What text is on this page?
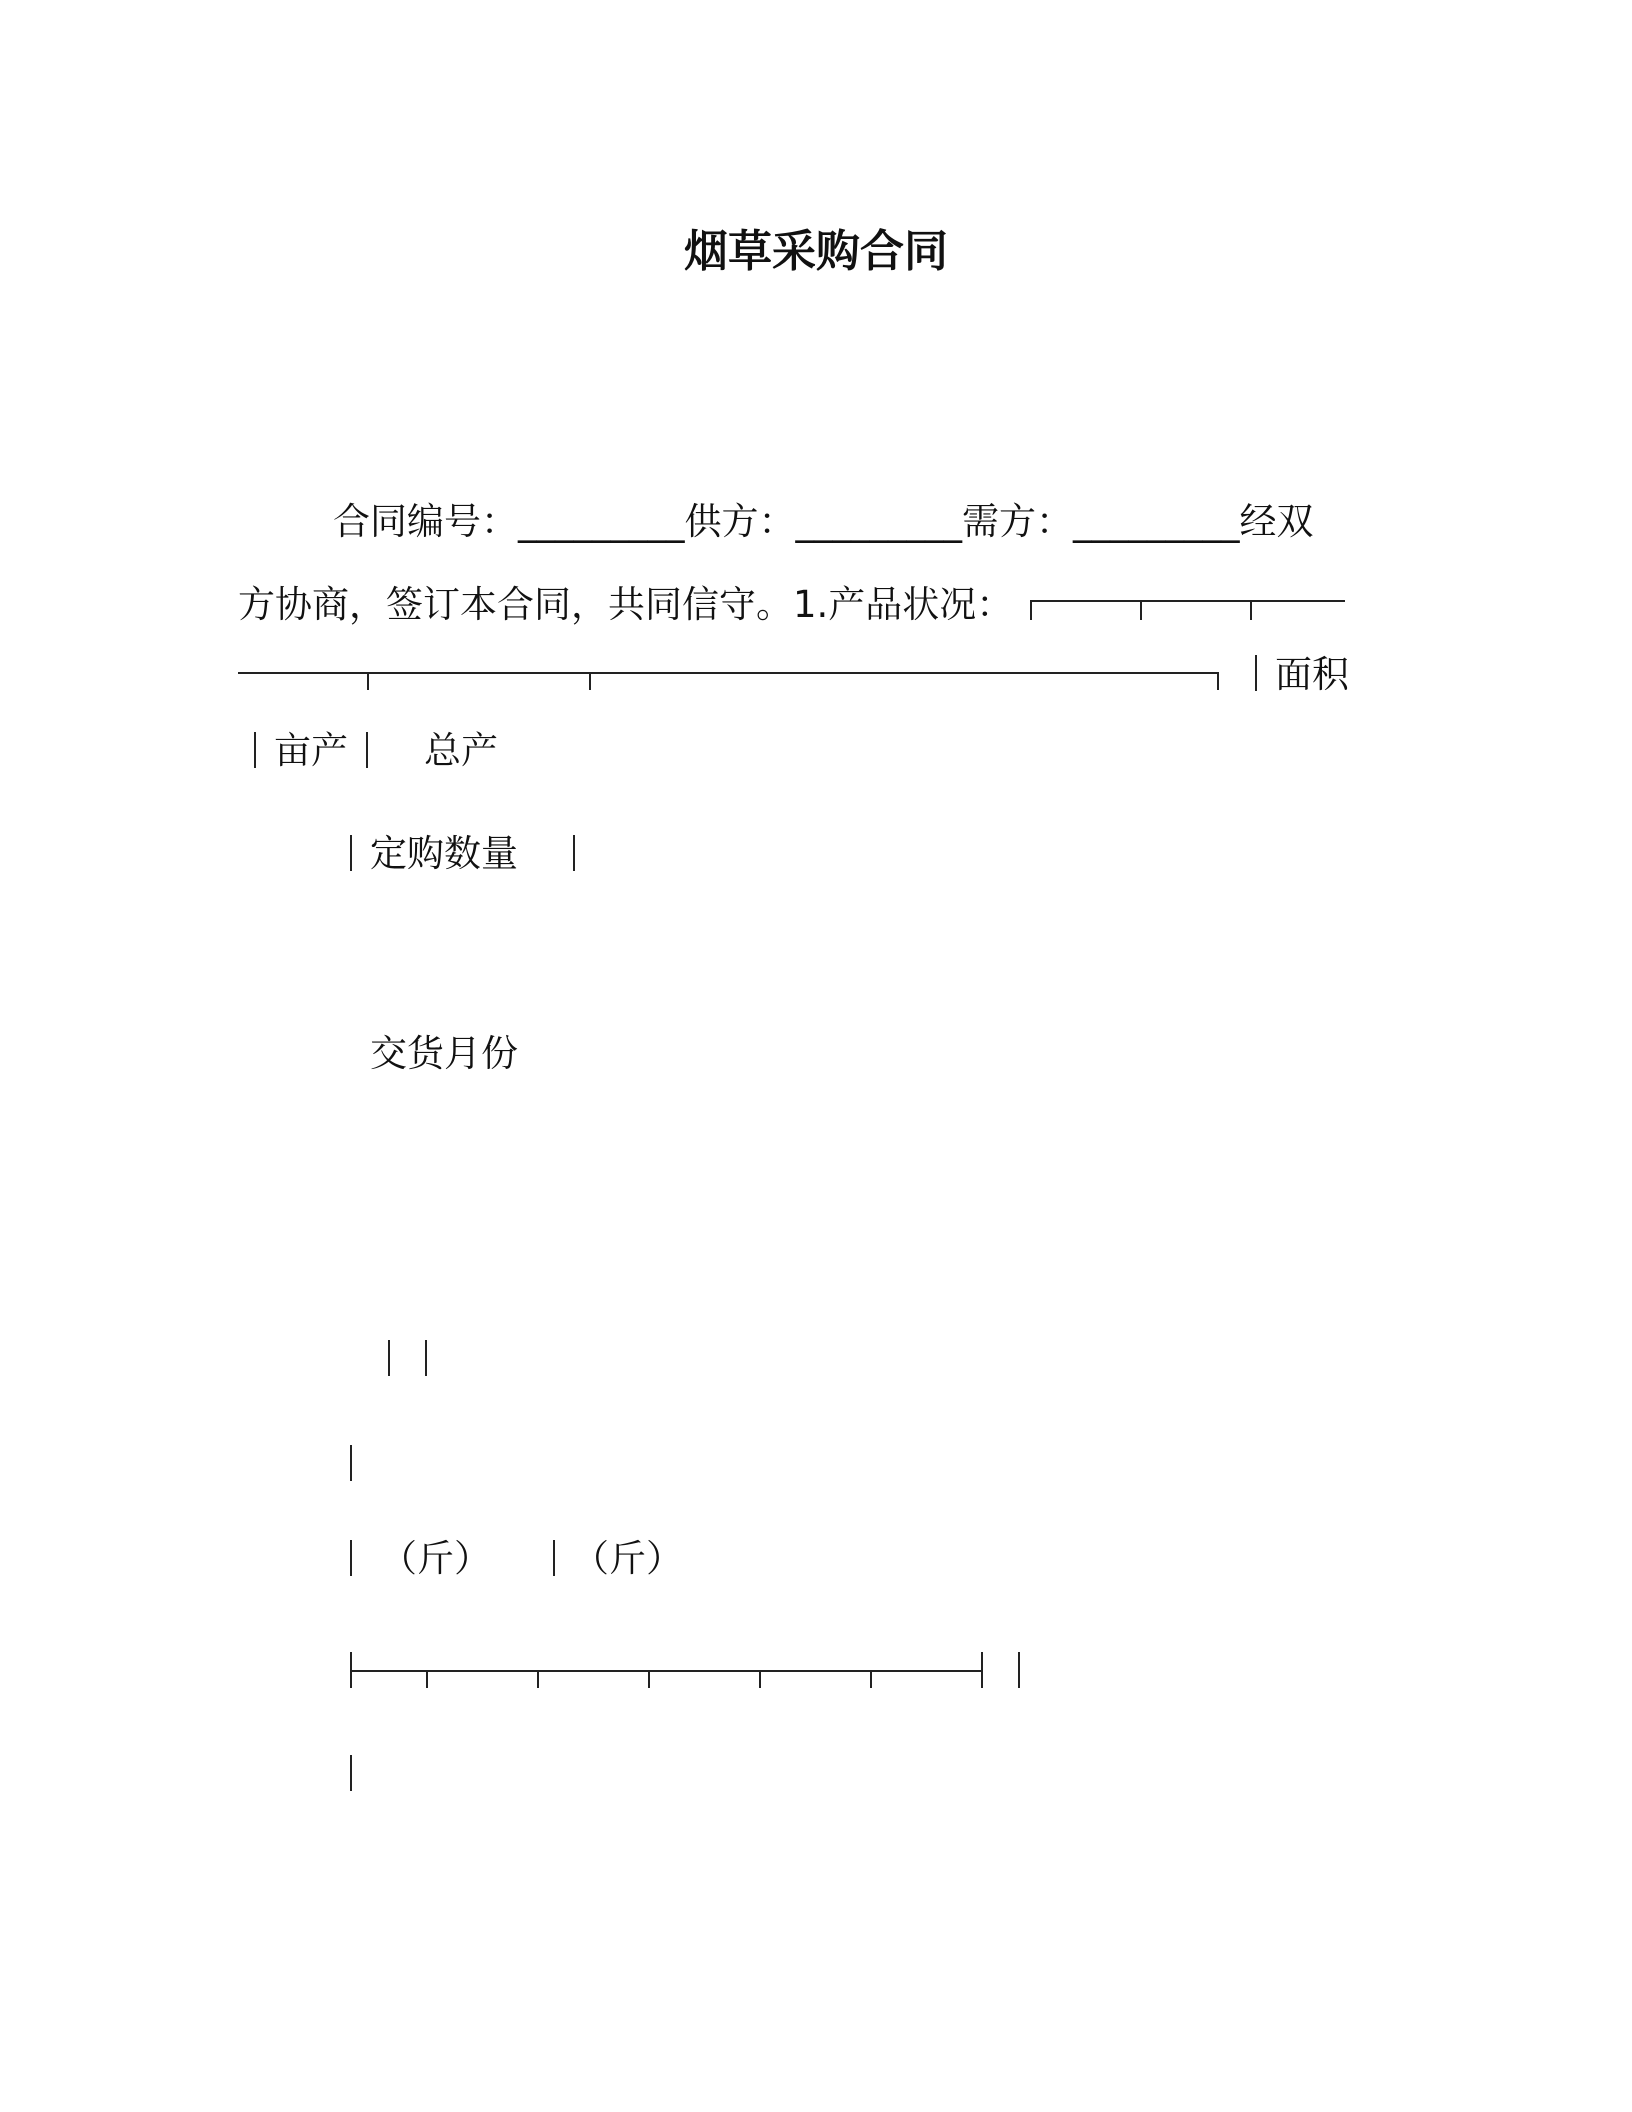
烟草采购合同
合同编号：_________供方：_________需方：_________经双
方协商，签订本合同，共同信守。1.产品状况：
面积
亩产 总产
定购数量
交货月份
（斤） （斤）
